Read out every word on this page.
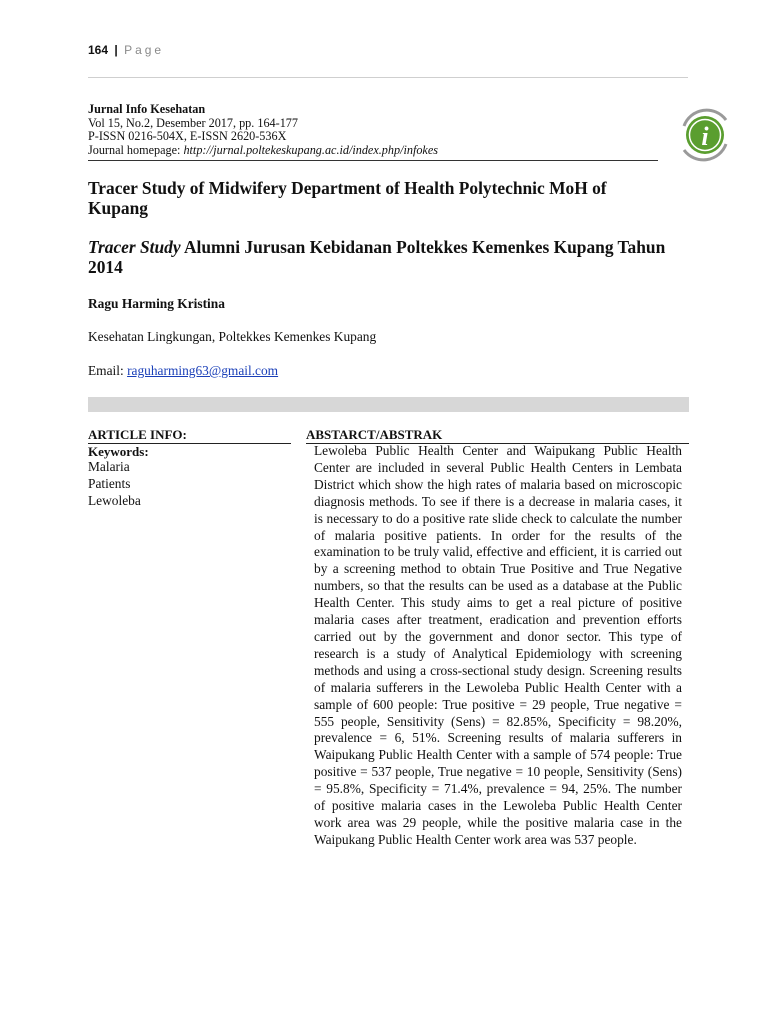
164 | Page
Jurnal Info Kesehatan
Vol 15, No.2, Desember 2017, pp. 164-177
P-ISSN 0216-504X, E-ISSN 2620-536X
Journal homepage: http://jurnal.poltekeskupang.ac.id/index.php/infokes	i
Tracer Study of Midwifery Department of Health Polytechnic MoH of Kupang
Tracer Study Alumni Jurusan Kebidanan Poltekkes Kemenkes Kupang Tahun 2014
Ragu Harming Kristina
Kesehatan Lingkungan, Poltekkes Kemenkes Kupang
Email: raguharming63@gmail.com
ARTICLE INFO:
Keywords:
Malaria
Patients
Lewoleba
ABSTARCT/ABSTRAK

Lewoleba Public Health Center and Waipukang Public Health Center are included in several Public Health Centers in Lembata District which show the high rates of malaria based on microscopic diagnosis methods. To see if there is a decrease in malaria cases, it is necessary to do a positive rate slide check to calculate the number of malaria positive patients. In order for the results of the examination to be truly valid, effective and efficient, it is carried out by a screening method to obtain True Positive and True Negative numbers, so that the results can be used as a database at the Public Health Center. This study aims to get a real picture of positive malaria cases after treatment, eradication and prevention efforts carried out by the government and donor sector. This type of research is a study of Analytical Epidemiology with screening methods and using a cross-sectional study design. Screening results of malaria sufferers in the Lewoleba Public Health Center with a sample of 600 people: True positive = 29 people, True negative = 555 people, Sensitivity (Sens) = 82.85%, Specificity = 98.20%, prevalence = 6, 51%. Screening results of malaria sufferers in Waipukang Public Health Center with a sample of 574 people: True positive = 537 people, True negative = 10 people, Sensitivity (Sens) = 95.8%, Specificity = 71.4%, prevalence = 94, 25%. The number of positive malaria cases in the Lewoleba Public Health Center work area was 29 people, while the positive malaria case in the Waipukang Public Health Center work area was 537 people.
